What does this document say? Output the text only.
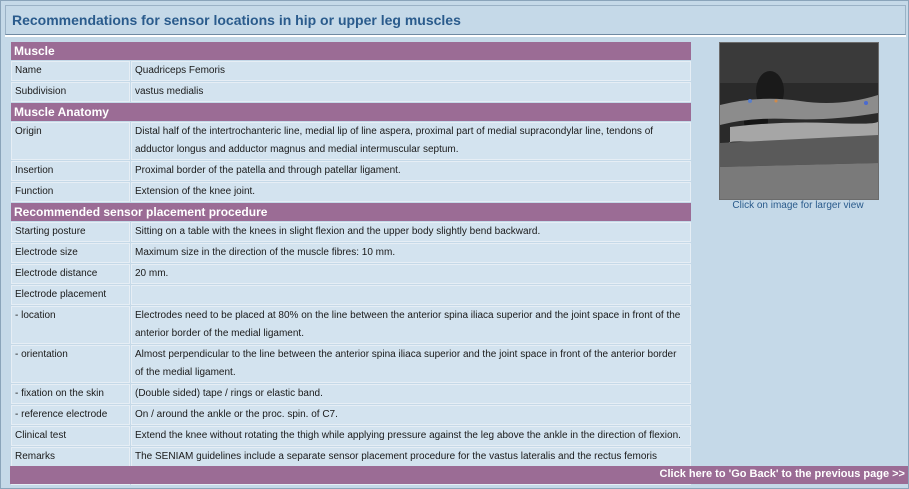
Recommendations for sensor locations in hip or upper leg muscles
Muscle	
Name	Quadriceps Femoris
Subdivision	vastus medialis
Muscle Anatomy	
Origin	Distal half of the intertrochanteric line, medial lip of line aspera, proximal part of medial supracondylar line, tendons of adductor longus and adductor magnus and medial intermuscular septum.
Insertion	Proximal border of the patella and through patellar ligament.
Function	Extension of the knee joint.
Recommended sensor placement procedure	
Starting posture	Sitting on a table with the knees in slight flexion and the upper body slightly bend backward.
Electrode size	Maximum size in the direction of the muscle fibres: 10 mm.
Electrode distance	20 mm.
Electrode placement	
- location	Electrodes need to be placed at 80% on the line between the anterior spina iliaca superior and the joint space in front of the anterior border of the medial ligament.
- orientation	Almost perpendicular to the line between the anterior spina iliaca superior and the joint space in front of the anterior border of the medial ligament.
- fixation on the skin	(Double sided) tape / rings or elastic band.
- reference electrode	On / around the ankle or the proc. spin. of C7.
Clinical test	Extend the knee without rotating the thigh while applying pressure against the leg above the ankle in the direction of flexion.
Remarks	The SENIAM guidelines include a separate sensor placement procedure for the vastus lateralis and the rectus femoris
Click on image for larger view
Click here to 'Go Back' to the previous page >>
